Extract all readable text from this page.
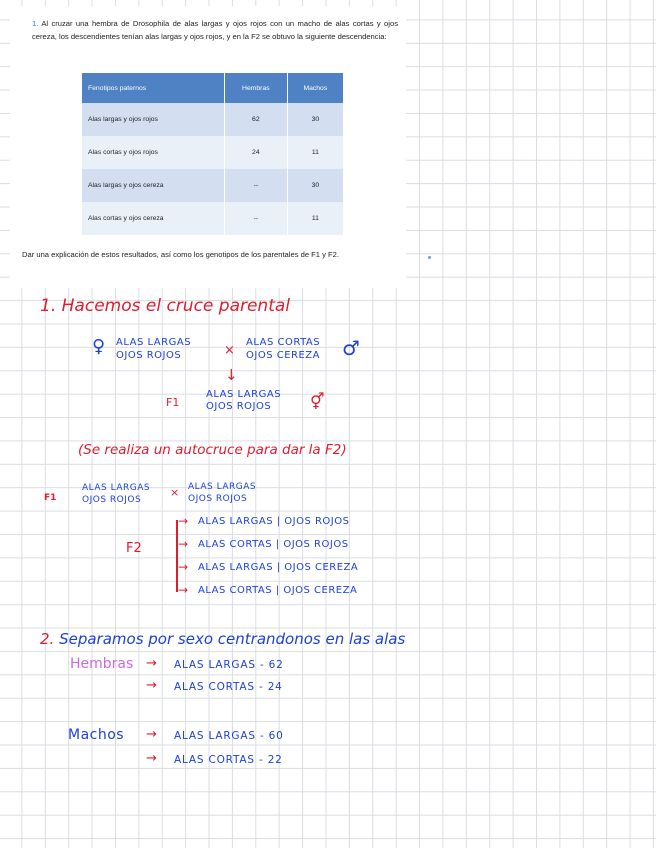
1. Al cruzar una hembra de Drosophila de alas largas y ojos rojos con un macho de alas cortas y ojos cereza, los descendientes tenían alas largas y ojos rojos, y en la F2 se obtuvo la siguiente descendencia:
Fenotipos paternos	Hembras	Machos
Alas largas y ojos rojos	62	30
Alas cortas y ojos rojos	24	11
Alas largas y ojos cereza	--	30
Alas cortas y ojos cereza	--	11
Dar una explicación de estos resultados, así como los genotipos de los parentales de F1 y F2.
1. Hacemos el cruce parental
♀ ALAS LARGAS
OJOS ROJOS	×
ALAS CORTAS
OJOS CEREZA ♂
↓
F1
ALAS LARGAS
OJOS ROJOS	⚥
(Se realiza un autocruce para dar la F2)
F1
ALAS LARGAS
OJOS ROJOS
× ALAS LARGAS
OJOS ROJOS
F2
→ ALAS LARGAS | OJOS ROJOS
→ ALAS CORTAS | OJOS ROJOS
→ ALAS LARGAS | OJOS CEREZA
→ ALAS CORTAS | OJOS CEREZA
2. Separamos por sexo centrandonos en las alas
Hembras → ALAS LARGAS - 62
→ ALAS CORTAS - 24
Machos → ALAS LARGAS - 60
→ ALAS CORTAS - 22
